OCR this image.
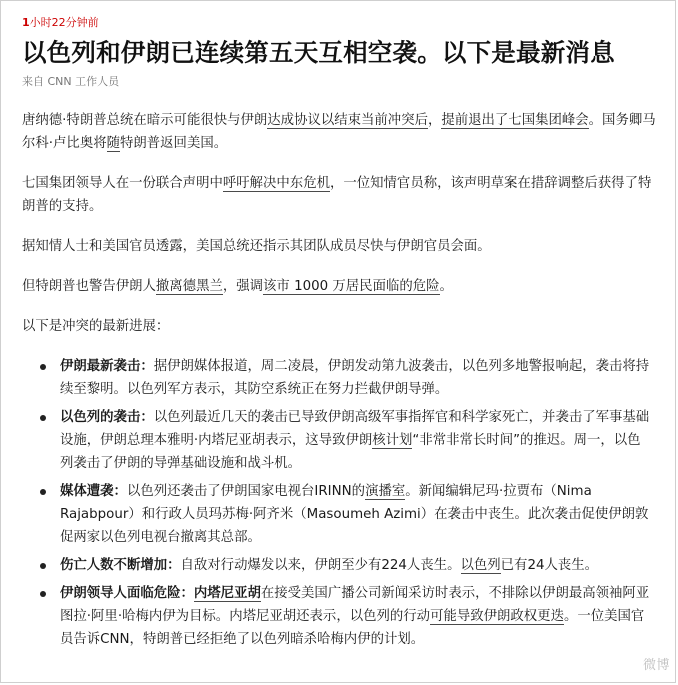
1小时22分钟前
以色列和伊朗已连续第五天互相空袭。以下是最新消息
来自 CNN 工作人员

唐纳德·特朗普总统在暗示可能很快与伊朗达成协议以结束当前冲突后，提前退出了七国集团峰会。国务卿马尔科·卢比奥将随特朗普返回美国。

七国集团领导人在一份联合声明中呼吁解决中东危机，一位知情官员称，该声明草案在措辞调整后获得了特朗普的支持。

据知情人士和美国官员透露，美国总统还指示其团队成员尽快与伊朗官员会面。

但特朗普也警告伊朗人撤离德黑兰，强调该市 1000 万居民面临的危险。

以下是冲突的最新进展：

伊朗最新袭击：据伊朗媒体报道，周二凌晨，伊朗发动第九波袭击，以色列多地警报响起，袭击将持续至黎明。以色列军方表示，其防空系统正在努力拦截伊朗导弹。
以色列的袭击：以色列最近几天的袭击已导致伊朗高级军事指挥官和科学家死亡，并袭击了军事基础设施，伊朗总理本雅明·内塔尼亚胡表示，这导致伊朗核计划“非常非常长时间”的推迟。周一，以色列袭击了伊朗的导弹基础设施和战斗机。
媒体遭袭：以色列还袭击了伊朗国家电视台IRINN的演播室。新闻编辑尼玛·拉贾布（Nima Rajabpour）和行政人员玛苏梅·阿齐米（Masoumeh Azimi）在袭击中丧生。此次袭击促使伊朗敦促两家以色列电视台撤离其总部。
伤亡人数不断增加：自敌对行动爆发以来，伊朗至少有224人丧生。以色列已有24人丧生。
伊朗领导人面临危险：内塔尼亚胡在接受美国广播公司新闻采访时表示，不排除以伊朗最高领袖阿亚图拉·阿里·哈梅内伊为目标。内塔尼亚胡还表示，以色列的行动可能导致伊朗政权更迭。一位美国官员告诉CNN，特朗普已经拒绝了以色列暗杀哈梅内伊的计划。
微博
